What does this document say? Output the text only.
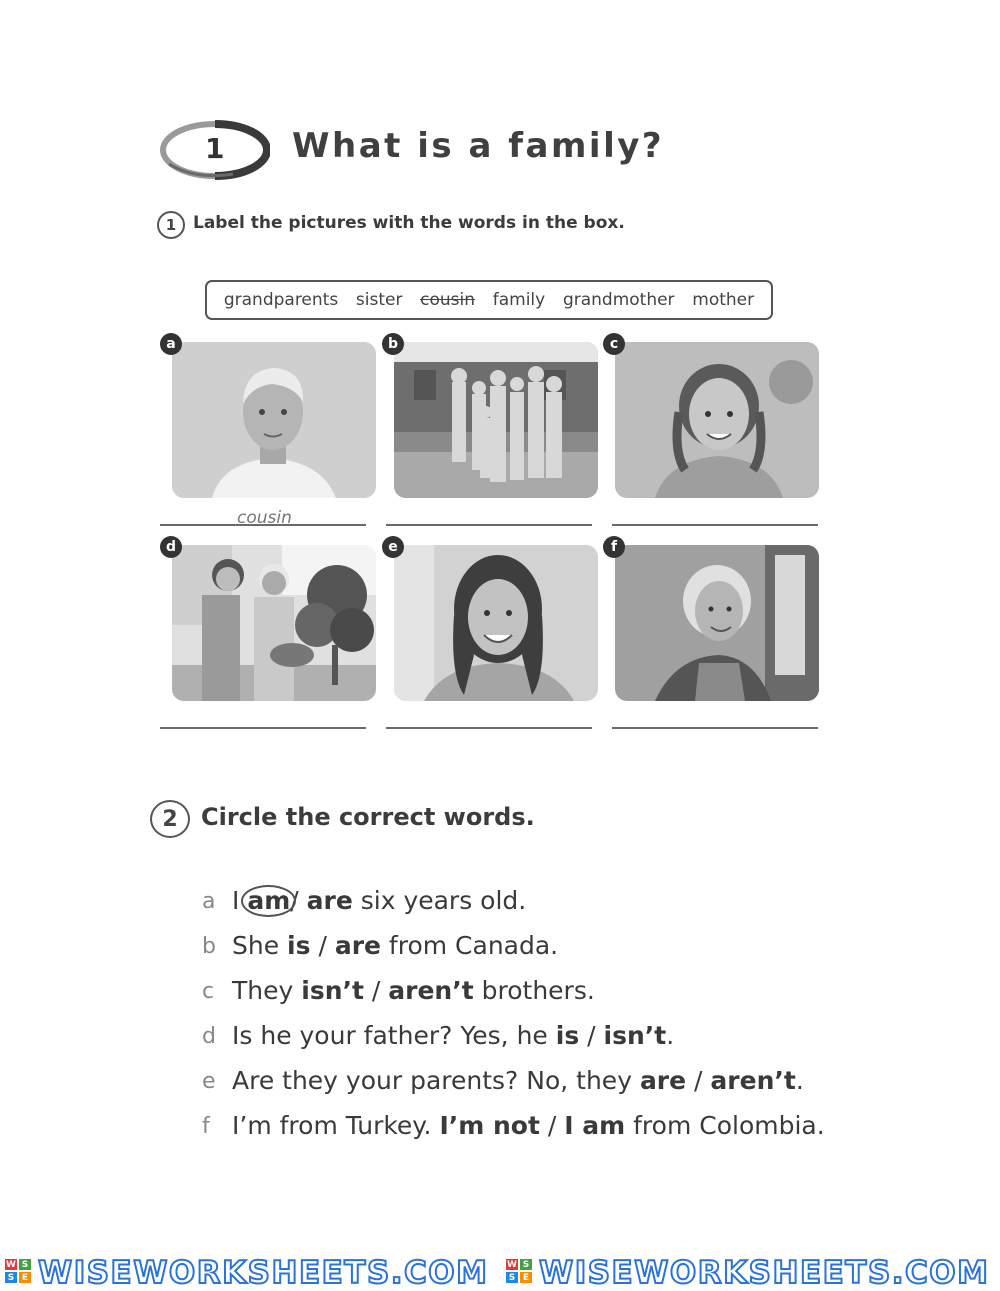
1 What is a family?
1 Label the pictures with the words in the box.
grandparents sister cousin family grandmother mother
a
cousin
b	c
d	e	f
2 Circle the correct words.
a I am/ are six years old.
b She is / are from Canada.
c They isn’t / aren’t brothers.
d Is he your father? Yes, he is / isn’t.
e Are they your parents? No, they are / aren’t.
f I’m from Turkey. I’m not / I am from Colombia.
W S
S E WISEWORKSHEETS.COM W S
S E WISEWORKSHEETS.COM
